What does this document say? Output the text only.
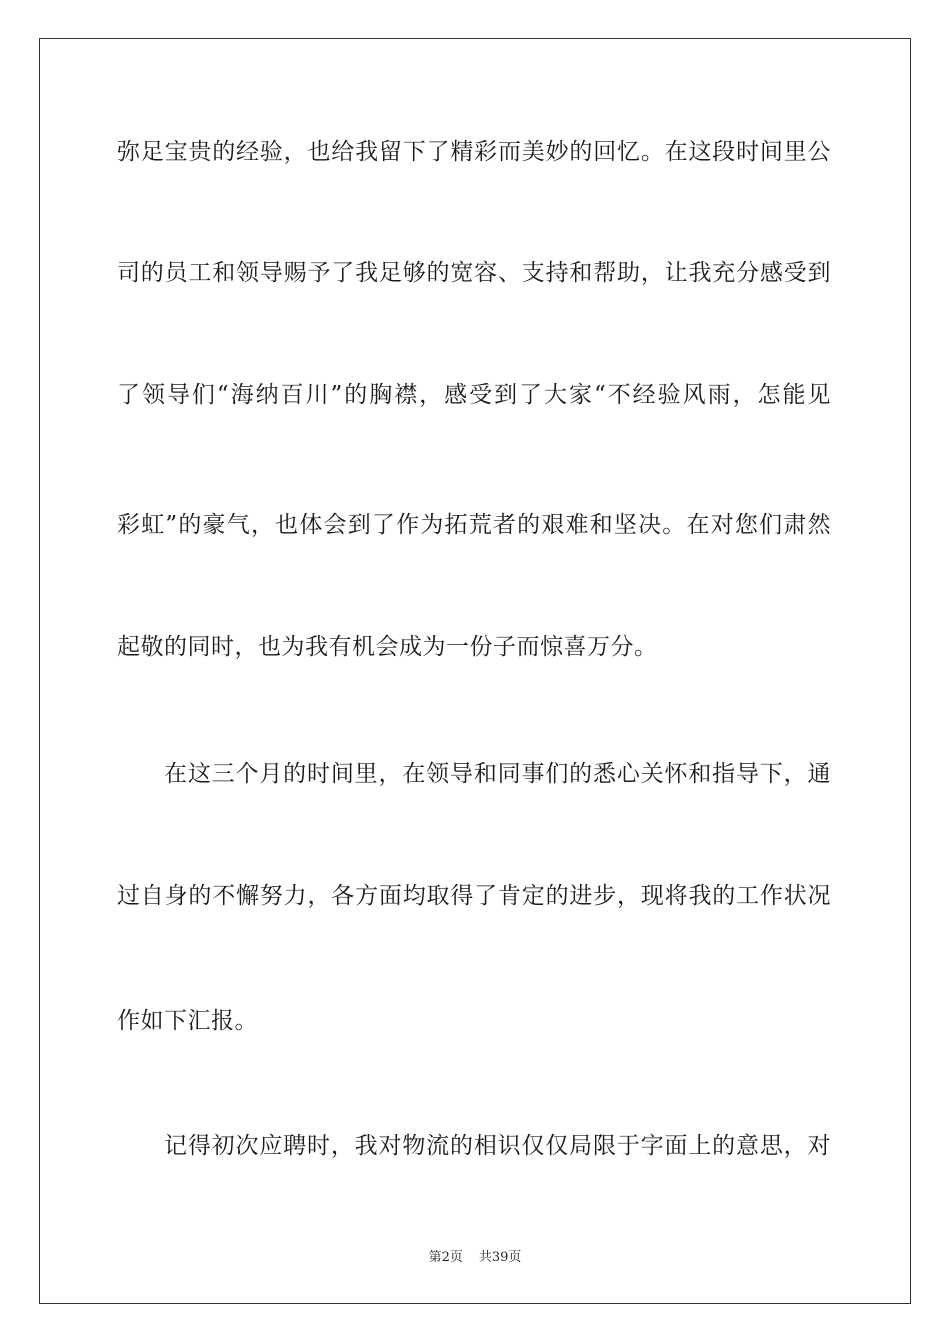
弥足宝贵的经验，也给我留下了精彩而美妙的回忆。在这段时间里公
司的员工和领导赐予了我足够的宽容、支持和帮助，让我充分感受到
了领导们“海纳百川”的胸襟，感受到了大家“不经验风雨，怎能见
彩虹”的豪气，也体会到了作为拓荒者的艰难和坚决。在对您们肃然
起敬的同时，也为我有机会成为一份子而惊喜万分。
在这三个月的时间里，在领导和同事们的悉心关怀和指导下，通
过自身的不懈努力，各方面均取得了肯定的进步，现将我的工作状况
作如下汇报。
记得初次应聘时，我对物流的相识仅仅局限于字面上的意思，对
第2页 共39页
